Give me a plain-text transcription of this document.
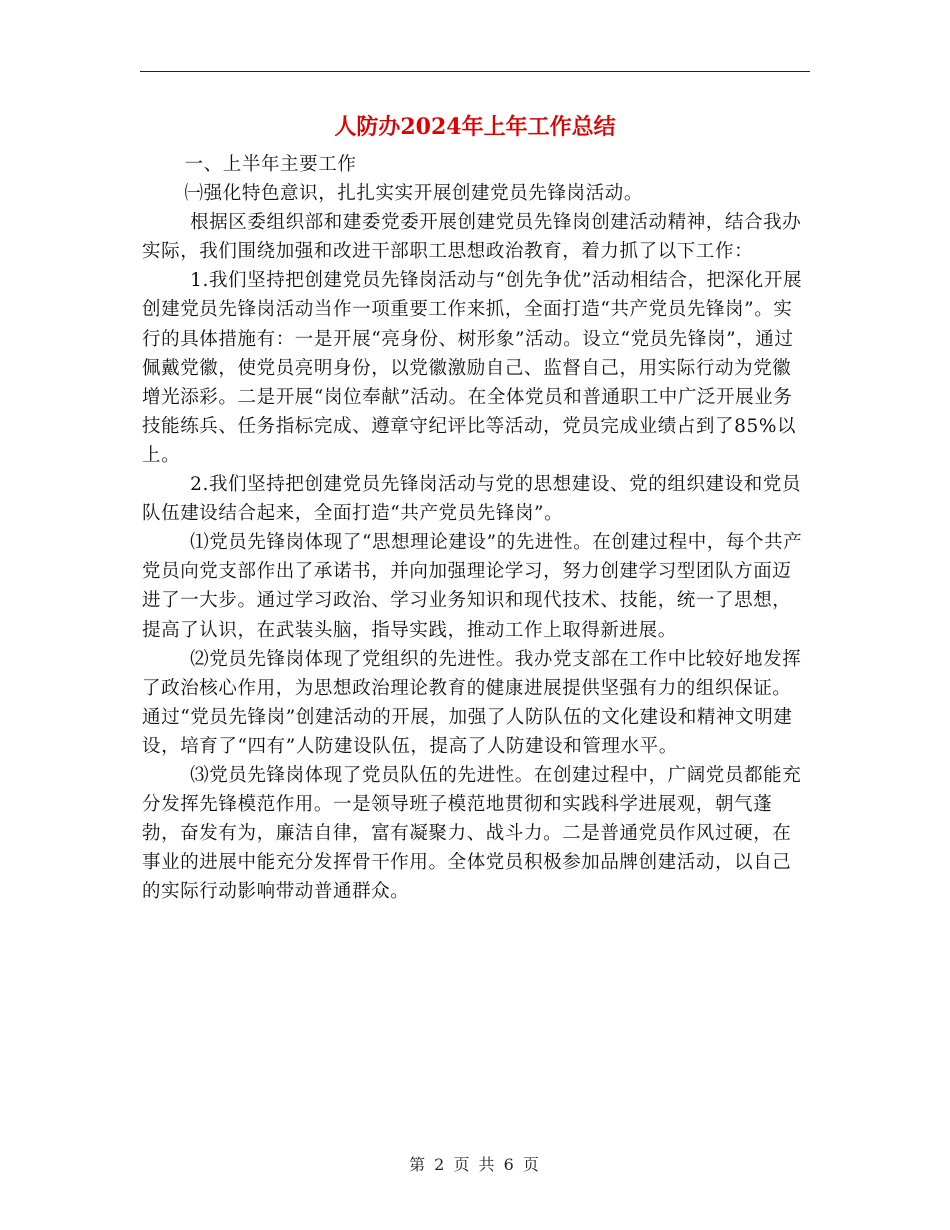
人防办2024年上年工作总结

一、上半年主要工作

㈠强化特色意识，扎扎实实开展创建党员先锋岗活动。

根据区委组织部和建委党委开展创建党员先锋岗创建活动精神，结合我办实际，我们围绕加强和改进干部职工思想政治教育，着力抓了以下工作：

1.我们坚持把创建党员先锋岗活动与“创先争优”活动相结合，把深化开展创建党员先锋岗活动当作一项重要工作来抓，全面打造“共产党员先锋岗”。实行的具体措施有：一是开展“亮身份、树形象”活动。设立“党员先锋岗”，通过佩戴党徽，使党员亮明身份，以党徽激励自己、监督自己，用实际行动为党徽增光添彩。二是开展“岗位奉献”活动。在全体党员和普通职工中广泛开展业务技能练兵、任务指标完成、遵章守纪评比等活动，党员完成业绩占到了85%以上。

2.我们坚持把创建党员先锋岗活动与党的思想建设、党的组织建设和党员队伍建设结合起来，全面打造“共产党员先锋岗”。

⑴党员先锋岗体现了“思想理论建设”的先进性。在创建过程中，每个共产党员向党支部作出了承诺书，并向加强理论学习，努力创建学习型团队方面迈进了一大步。通过学习政治、学习业务知识和现代技术、技能，统一了思想，提高了认识，在武装头脑，指导实践，推动工作上取得新进展。

⑵党员先锋岗体现了党组织的先进性。我办党支部在工作中比较好地发挥了政治核心作用，为思想政治理论教育的健康进展提供坚强有力的组织保证。通过“党员先锋岗”创建活动的开展，加强了人防队伍的文化建设和精神文明建设，培育了“四有”人防建设队伍，提高了人防建设和管理水平。

⑶党员先锋岗体现了党员队伍的先进性。在创建过程中，广阔党员都能充分发挥先锋模范作用。一是领导班子模范地贯彻和实践科学进展观，朝气蓬勃，奋发有为，廉洁自律，富有凝聚力、战斗力。二是普通党员作风过硬，在事业的进展中能充分发挥骨干作用。全体党员积极参加品牌创建活动，以自己的实际行动影响带动普通群众。

第 2 页 共 6 页
